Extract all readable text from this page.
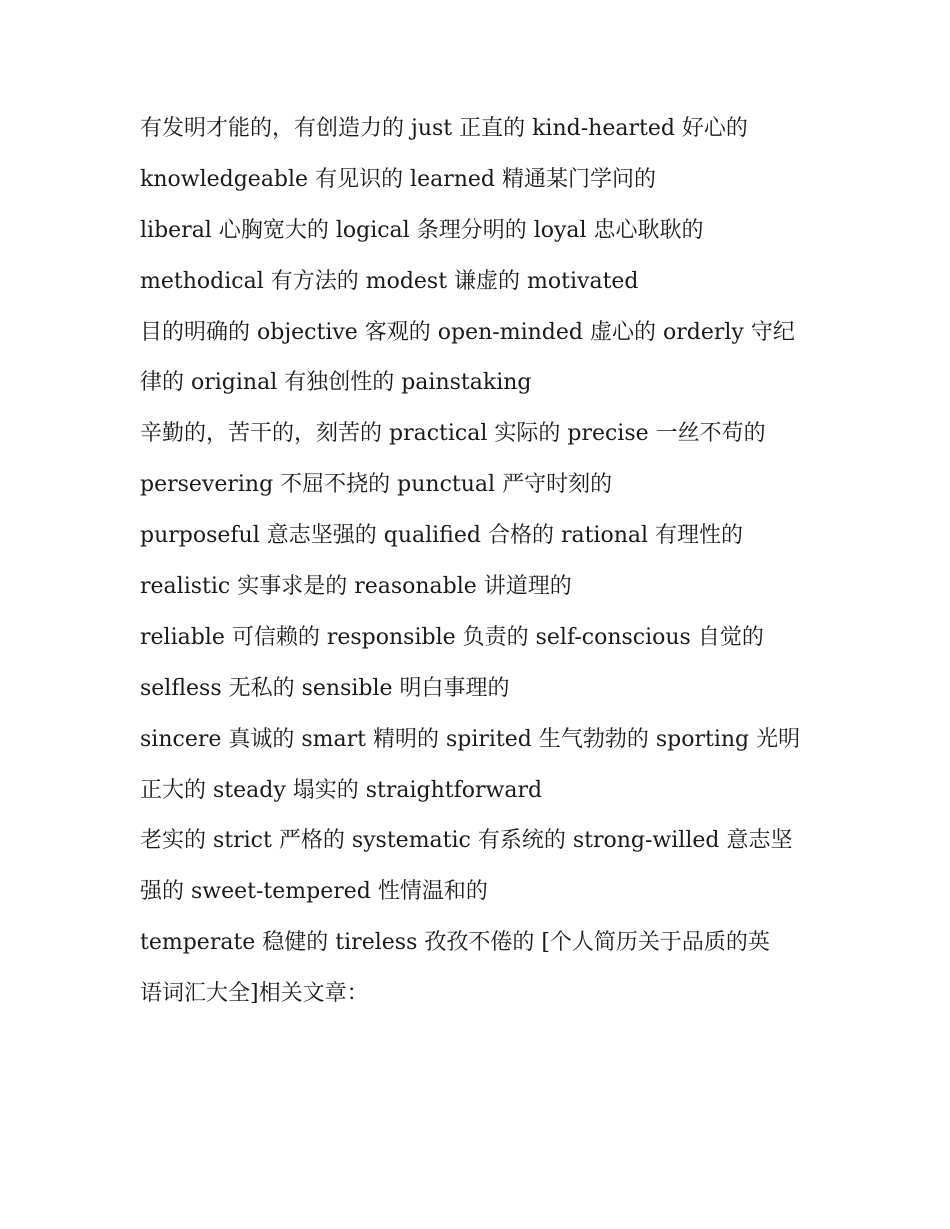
有发明才能的，有创造力的 just 正直的 kind-hearted 好心的
knowledgeable 有见识的 learned 精通某门学问的
liberal 心胸宽大的 logical 条理分明的 loyal 忠心耿耿的
methodical 有方法的 modest 谦虚的 motivated
目的明确的 objective 客观的 open-minded 虚心的 orderly 守纪
律的 original 有独创性的 painstaking
辛勤的，苦干的，刻苦的 practical 实际的 precise 一丝不苟的
persevering 不屈不挠的 punctual 严守时刻的
purposeful 意志坚强的 qualified 合格的 rational 有理性的
realistic 实事求是的 reasonable 讲道理的
reliable 可信赖的 responsible 负责的 self-conscious 自觉的
selfless 无私的 sensible 明白事理的
sincere 真诚的 smart 精明的 spirited 生气勃勃的 sporting 光明
正大的 steady 塌实的 straightforward
老实的 strict 严格的 systematic 有系统的 strong-willed 意志坚
强的 sweet-tempered 性情温和的
temperate 稳健的 tireless 孜孜不倦的 [个人简历关于品质的英
语词汇大全]相关文章：
